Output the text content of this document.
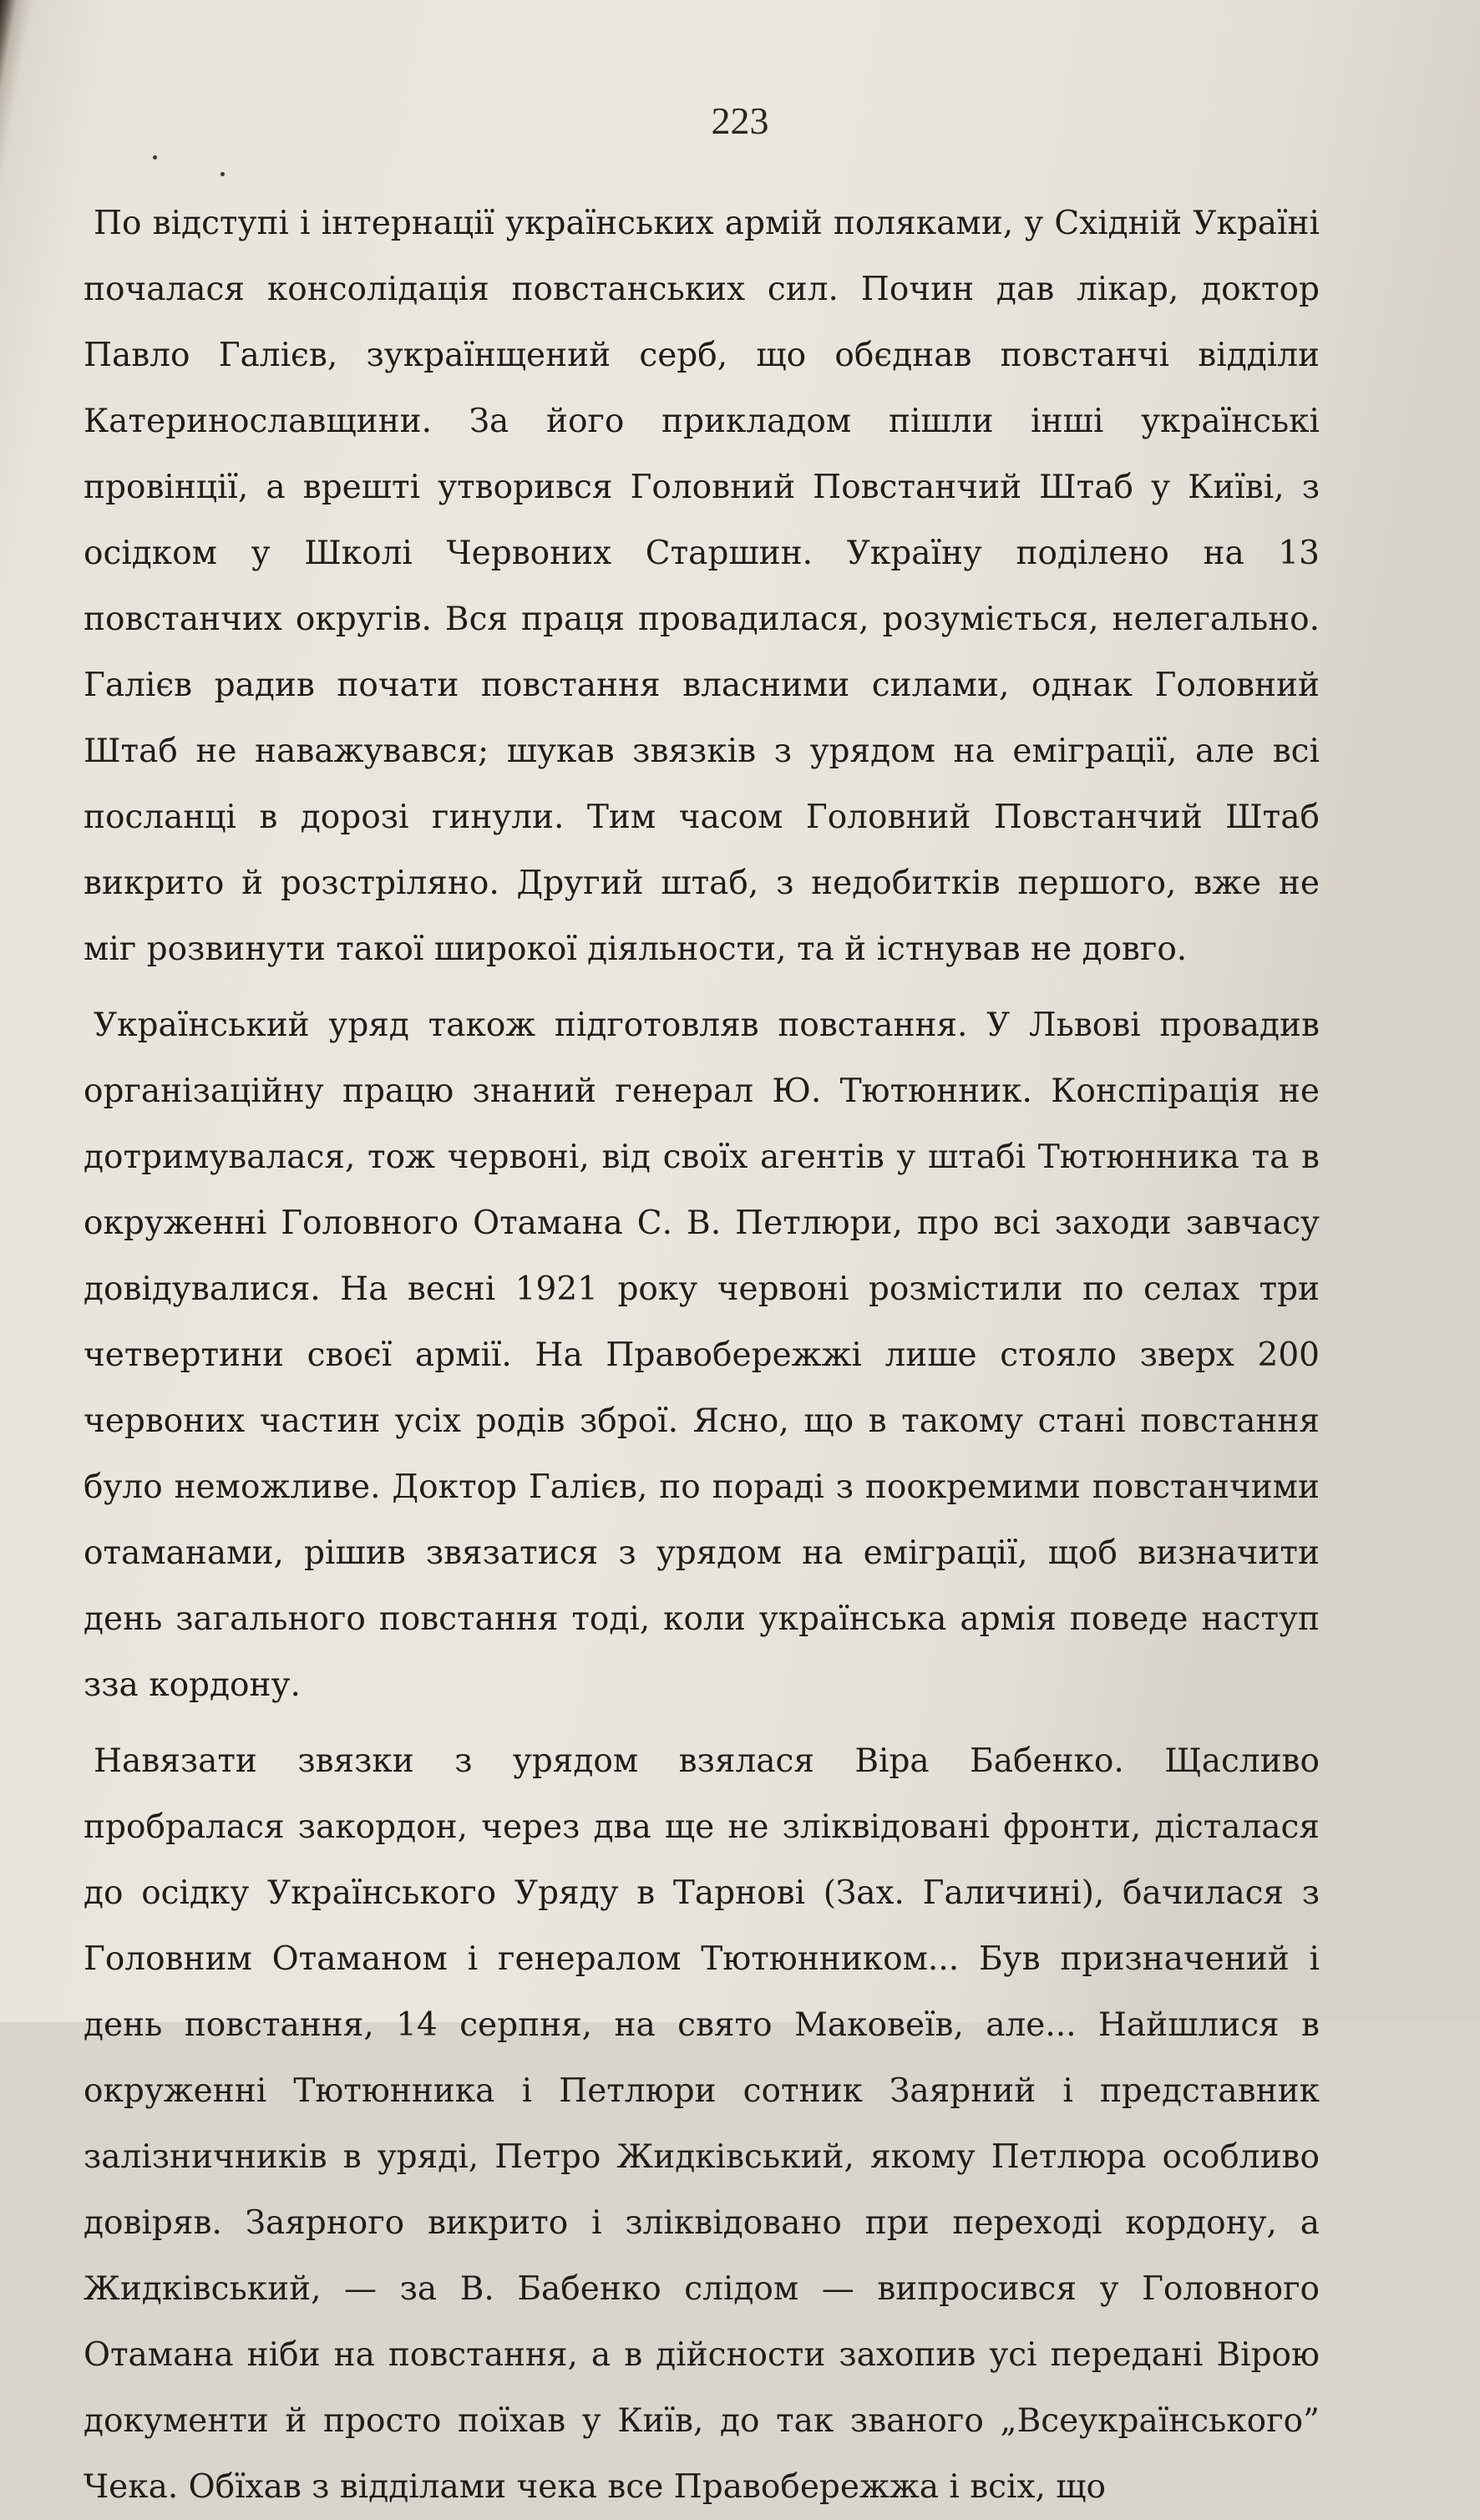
223

По відступі і інтернації українських армій поляками, у Східній Україні почалася консолідація повстанських сил. Почин дав лікар, доктор Павло Галієв, зукраїнщений серб, що обєднав повстанчі відділи Катеринославщини. За його прикладом пішли інші українські провінції, а врешті утворився Головний Повстанчий Штаб у Київі, з осідком у Школі Червоних Старшин. Україну поділено на 13 повстанчих округів. Вся праця провадилася, розуміється, нелегально. Галієв радив почати повстання власними силами, однак Головний Штаб не наважувався; шукав звязків з урядом на еміграції, але всі посланці в дорозі гинули. Тим часом Головний Повстанчий Штаб викрито й розстріляно. Другий штаб, з недобитків першого, вже не міг розвинути такої широкої діяльности, та й істнував не довго.

Український уряд також підготовляв повстання. У Львові провадив організаційну працю знаний генерал Ю. Тютюнник. Конспірація не дотримувалася, тож червоні, від своїх агентів у штабі Тютюнника та в окруженні Головного Отамана С. В. Петлюри, про всі заходи завчасу довідувалися. На весні 1921 року червоні розмістили по селах три четвертини своєї армії. На Правобережжі лише стояло зверх 200 червоних частин усіх родів зброї. Ясно, що в такому стані повстання було неможливе. Доктор Галієв, по пораді з поокремими повстанчими отаманами, рішив звязатися з урядом на еміграції, щоб визначити день загального повстання тоді, коли українська армія поведе наступ зза кордону.

Навязати звязки з урядом взялася Віра Бабенко. Щасливо пробралася закордон, через два ще не зліквідовані фронти, дісталася до осідку Українського Уряду в Тарнові (Зах. Галичині), бачилася з Головним Отаманом і генералом Тютюнником... Був призначений і день повстання, 14 серпня, на свято Маковеїв, але... Найшлися в окруженні Тютюнника і Петлюри сотник Заярний і представник залізничників в уряді, Петро Жидківський, якому Петлюра особливо довіряв. Заярного викрито і зліквідовано при переході кордону, а Жидківський, — за В. Бабенко слідом — випросився у Головного Отамана нiби на повстання, а в дійсности захопив усі передані Вірою документи й просто поїхав у Київ, до так званого „Всеукраїнського” Чека. Обїхав з відділами чека все Правобережжа і всіх, що
